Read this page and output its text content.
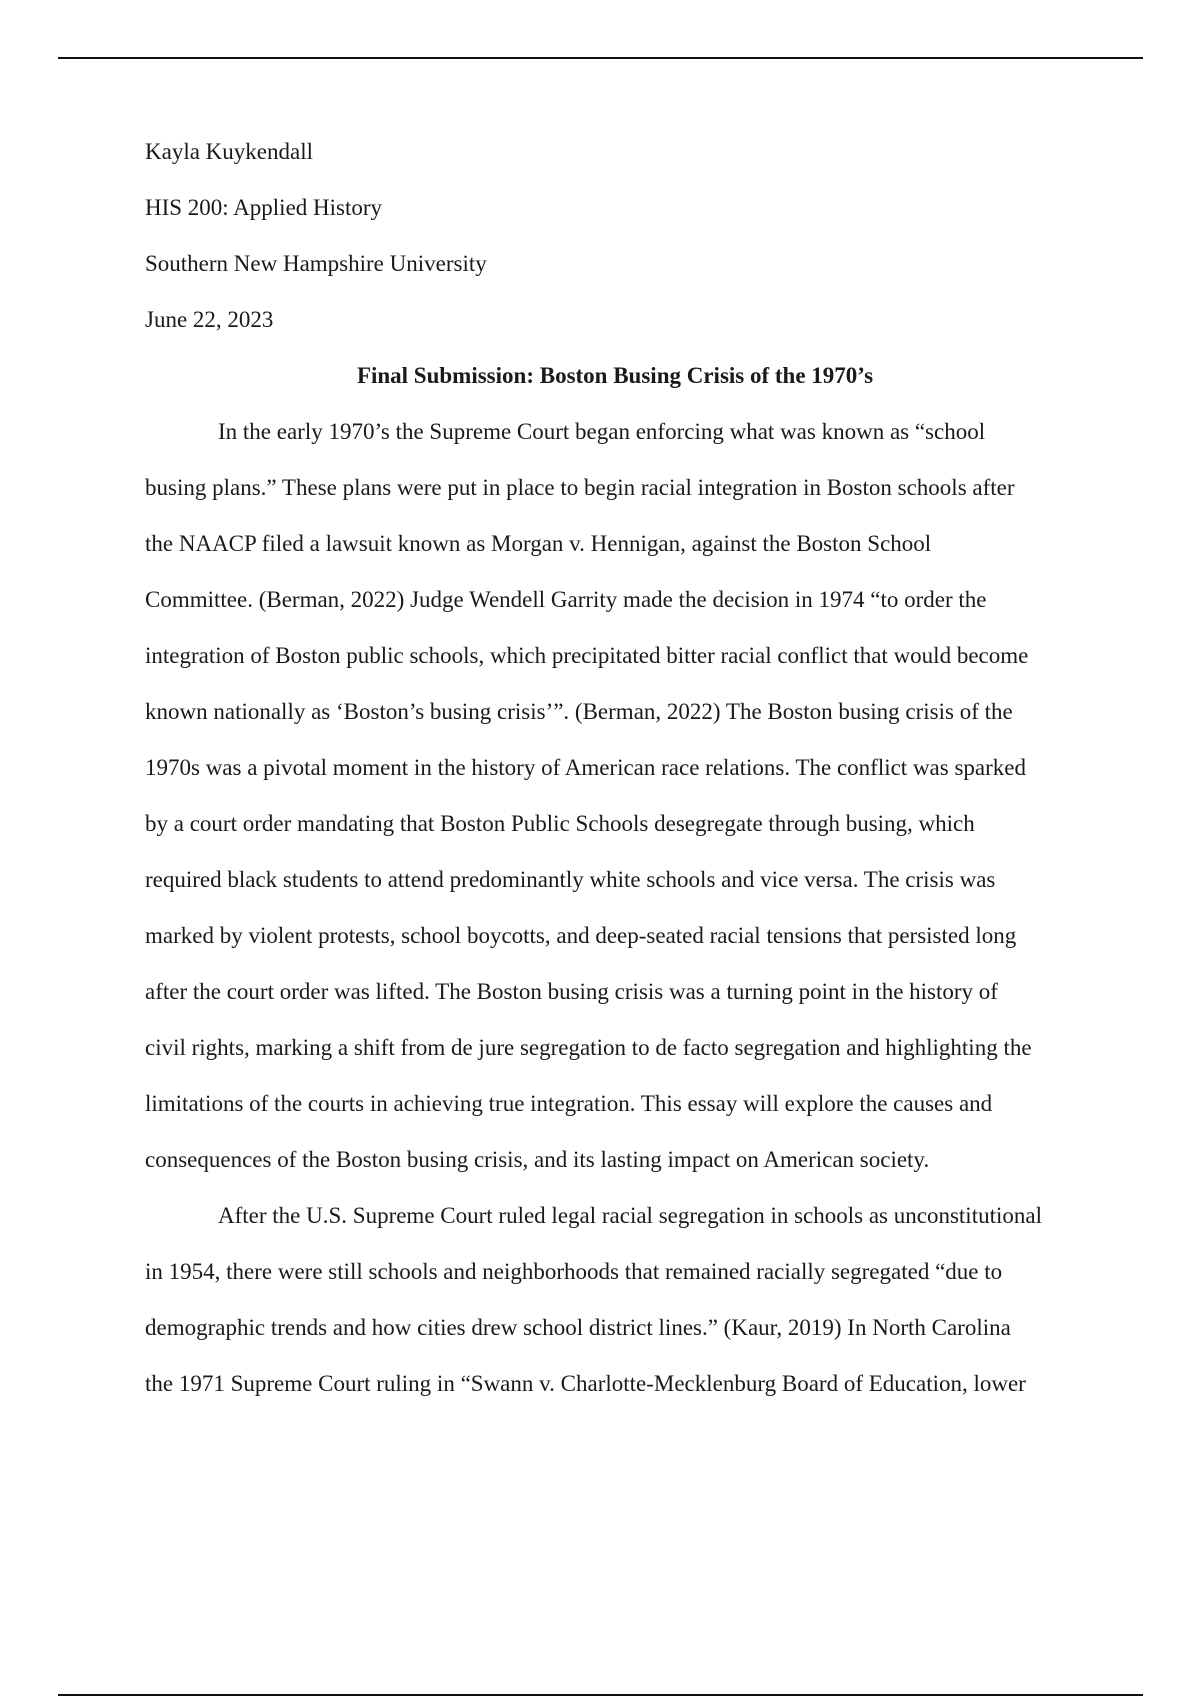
Kayla Kuykendall
HIS 200: Applied History
Southern New Hampshire University
June 22, 2023
Final Submission: Boston Busing Crisis of the 1970’s

In the early 1970’s the Supreme Court began enforcing what was known as “school
busing plans.” These plans were put in place to begin racial integration in Boston schools after
the NAACP filed a lawsuit known as Morgan v. Hennigan, against the Boston School
Committee. (Berman, 2022) Judge Wendell Garrity made the decision in 1974 “to order the
integration of Boston public schools, which precipitated bitter racial conflict that would become
known nationally as ‘Boston’s busing crisis’”. (Berman, 2022) The Boston busing crisis of the
1970s was a pivotal moment in the history of American race relations. The conflict was sparked
by a court order mandating that Boston Public Schools desegregate through busing, which
required black students to attend predominantly white schools and vice versa. The crisis was
marked by violent protests, school boycotts, and deep-seated racial tensions that persisted long
after the court order was lifted. The Boston busing crisis was a turning point in the history of
civil rights, marking a shift from de jure segregation to de facto segregation and highlighting the
limitations of the courts in achieving true integration. This essay will explore the causes and
consequences of the Boston busing crisis, and its lasting impact on American society.

After the U.S. Supreme Court ruled legal racial segregation in schools as unconstitutional
in 1954, there were still schools and neighborhoods that remained racially segregated “due to
demographic trends and how cities drew school district lines.” (Kaur, 2019) In North Carolina
the 1971 Supreme Court ruling in “Swann v. Charlotte-Mecklenburg Board of Education, lower
